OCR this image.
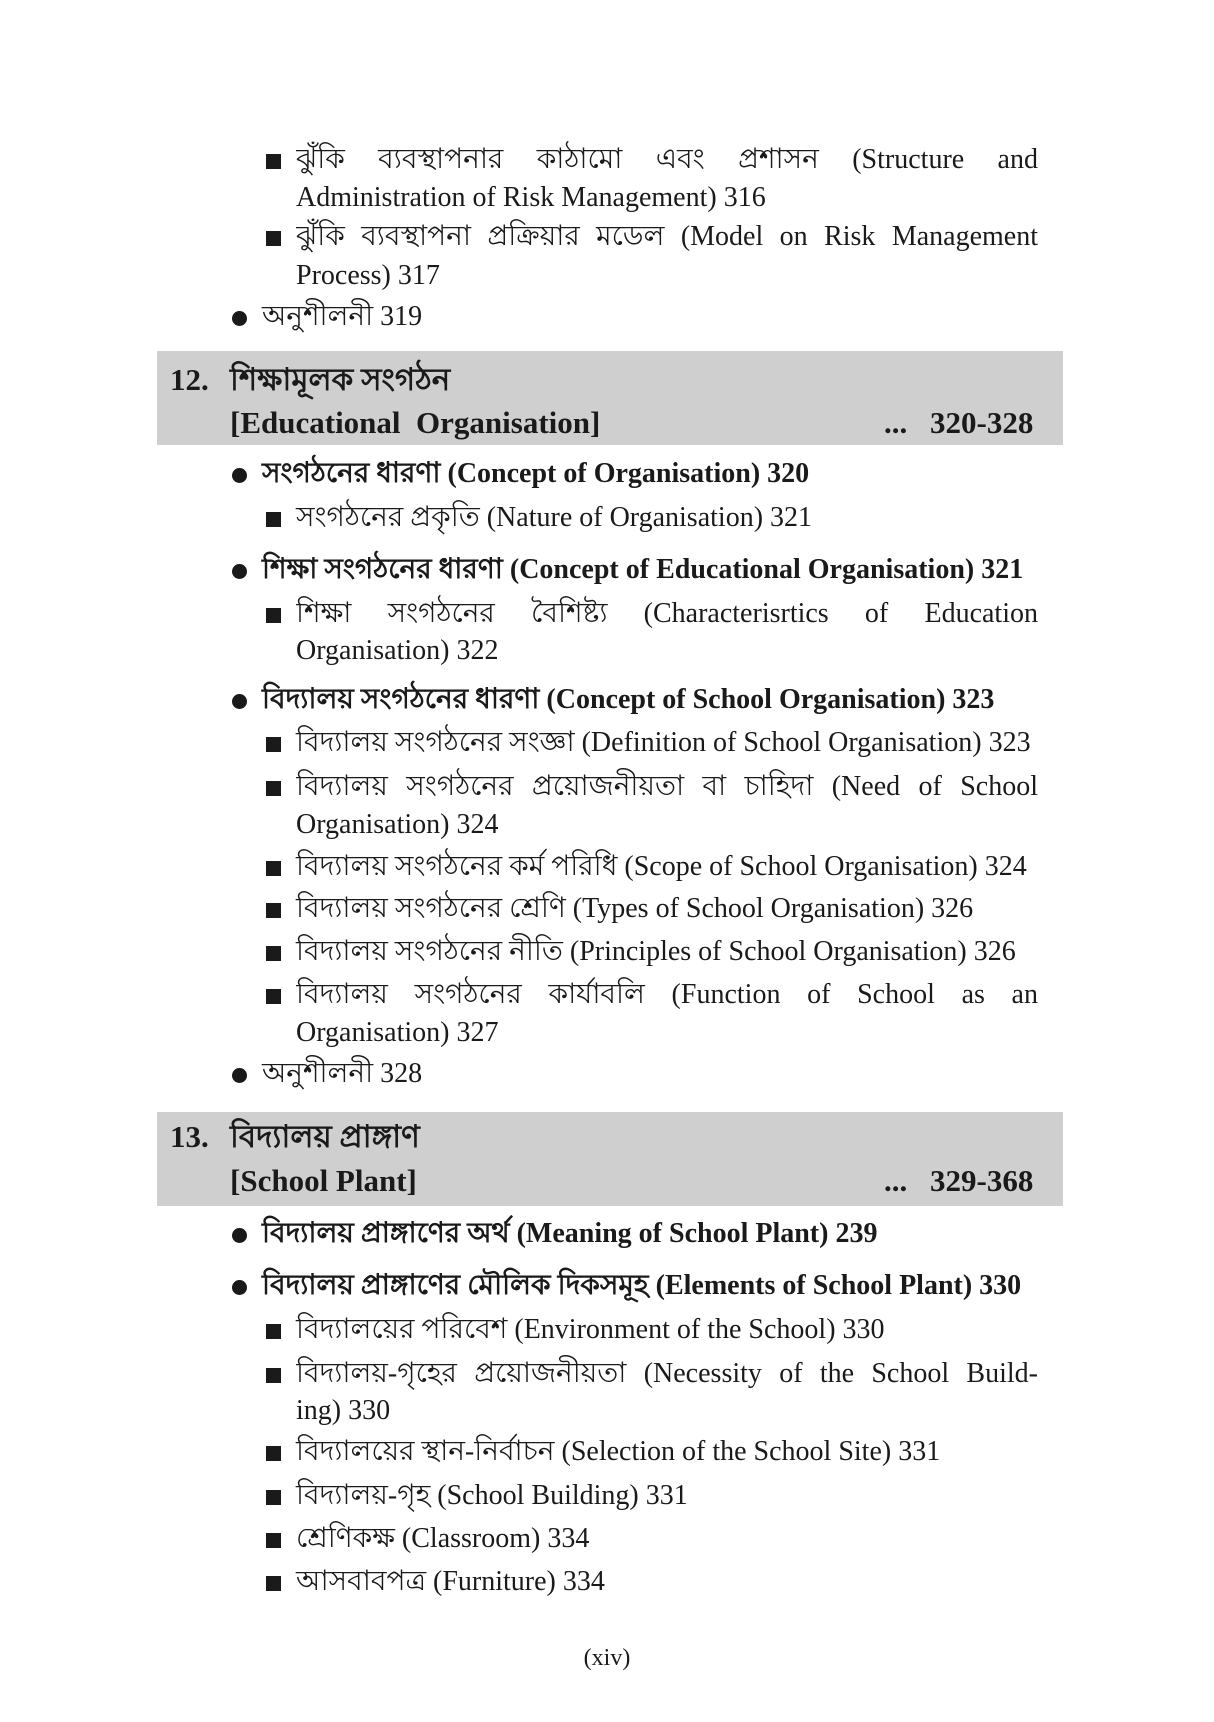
ঝুঁকি ব্যবস্থাপনার কাঠামো এবং প্রশাসন (Structure and
Administration of Risk Management) 316
ঝুঁকি ব্যবস্থাপনা প্রক্রিয়ার মডেল (Model on Risk Management
Process) 317
অনুশীলনী 319
12. শিক্ষামূলক সংগঠন
[Educational  Organisation]	... 320-328
সংগঠনের ধারণা (Concept of Organisation) 320
সংগঠনের প্রকৃতি (Nature of Organisation) 321
শিক্ষা সংগঠনের ধারণা (Concept of Educational Organisation) 321
শিক্ষা সংগঠনের বৈশিষ্ট্য (Characterisrtics of Education
Organisation) 322
বিদ্যালয় সংগঠনের ধারণা (Concept of School Organisation) 323
বিদ্যালয় সংগঠনের সংজ্ঞা (Definition of School Organisation) 323
বিদ্যালয় সংগঠনের প্রয়োজনীয়তা বা চাহিদা (Need of School
Organisation) 324
বিদ্যালয় সংগঠনের কর্ম পরিধি (Scope of School Organisation) 324
বিদ্যালয় সংগঠনের শ্রেণি (Types of School Organisation) 326
বিদ্যালয় সংগঠনের নীতি (Principles of School Organisation) 326
বিদ্যালয় সংগঠনের কার্যাবলি (Function of School as an
Organisation) 327
অনুশীলনী 328
13. বিদ্যালয় প্রাঙ্গাণ
[School Plant]	... 329-368
বিদ্যালয় প্রাঙ্গাণের অর্থ (Meaning of School Plant) 239
বিদ্যালয় প্রাঙ্গাণের মৌলিক দিকসমূহ (Elements of School Plant) 330
বিদ্যালয়ের পরিবেশ (Environment of the School) 330
বিদ্যালয়-গৃহের প্রয়োজনীয়তা (Necessity of the School Build-
ing) 330
বিদ্যালয়ের স্থান-নির্বাচন (Selection of the School Site) 331
বিদ্যালয়-গৃহ (School Building) 331
শ্রেণিকক্ষ (Classroom) 334
আসবাবপত্র (Furniture) 334
(xiv)
